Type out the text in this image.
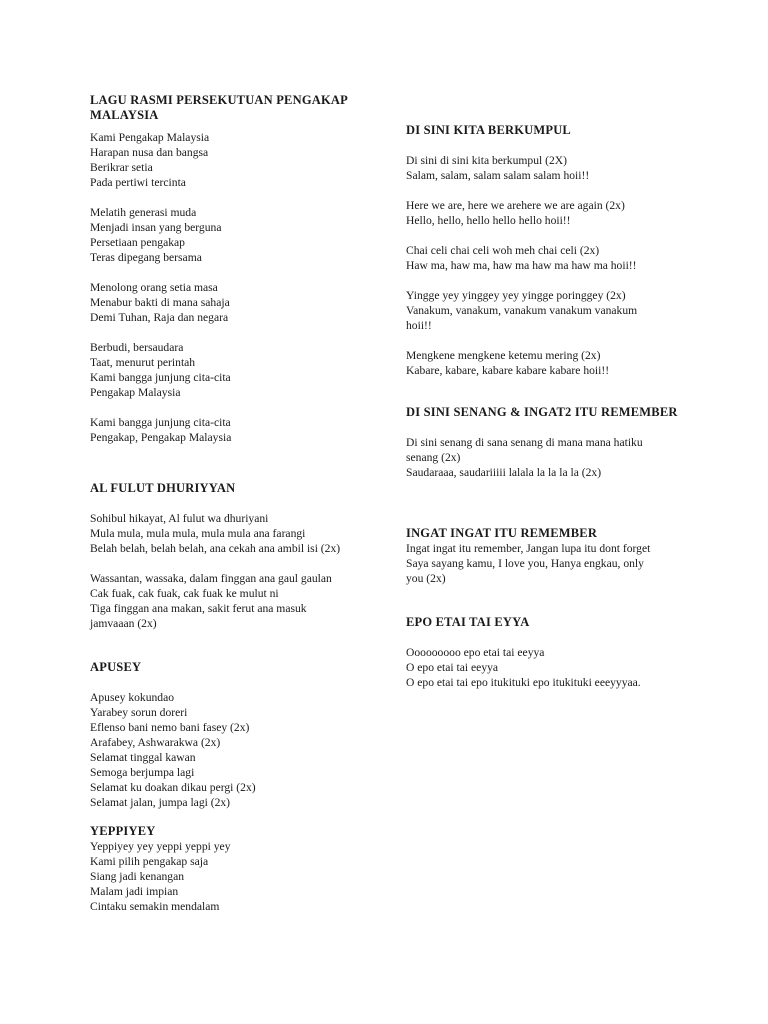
LAGU RASMI PERSEKUTUAN PENGAKAP MALAYSIA
Kami Pengakap Malaysia
Harapan nusa dan bangsa
Berikrar setia
Pada pertiwi tercinta
Melatih generasi muda
Menjadi insan yang berguna
Persetiaan pengakap
Teras dipegang bersama
Menolong orang setia masa
Menabur bakti di mana sahaja
Demi Tuhan, Raja dan negara
Berbudi, bersaudara
Taat, menurut perintah
Kami bangga junjung cita-cita
Pengakap Malaysia
Kami bangga junjung cita-cita
Pengakap, Pengakap Malaysia
AL FULUT DHURIYYAN
Sohibul hikayat, Al fulut wa dhuriyani
Mula mula, mula mula, mula mula ana farangi
Belah belah, belah belah, ana cekah ana ambil isi (2x)
Wassantan, wassaka, dalam finggan ana gaul gaulan
Cak fuak, cak fuak, cak fuak ke mulut ni
Tiga finggan ana makan, sakit ferut ana masuk
jamvaaan (2x)
APUSEY
Apusey kokundao
Yarabey sorun doreri
Eflenso bani nemo bani fasey (2x)
Arafabey, Ashwarakwa (2x)
Selamat tinggal kawan
Semoga berjumpa lagi
Selamat ku doakan dikau pergi (2x)
Selamat jalan, jumpa lagi (2x)
YEPPIYEY
Yeppiyey yey yeppi yeppi yey
Kami pilih pengakap saja
Siang jadi kenangan
Malam jadi impian
Cintaku semakin mendalam
DI SINI KITA BERKUMPUL
Di sini di sini kita berkumpul (2X)
Salam, salam, salam salam salam hoii!!
Here we are, here we arehere we are again (2x)
Hello, hello, hello hello hello hoii!!
Chai celi chai celi woh meh chai celi (2x)
Haw ma, haw ma, haw ma haw ma haw ma hoii!!
Yingge yey yinggey yey yingge poringgey (2x)
Vanakum, vanakum, vanakum vanakum vanakum
hoii!!
Mengkene mengkene ketemu mering (2x)
Kabare, kabare, kabare kabare kabare hoii!!
DI SINI SENANG & INGAT2 ITU REMEMBER
Di sini senang di sana senang di mana mana hatiku
senang (2x)
Saudaraaa, saudariiiii lalala la la la la (2x)
INGAT INGAT ITU REMEMBER
Ingat ingat itu remember, Jangan lupa itu dont forget
Saya sayang kamu, I love you, Hanya engkau, only
you (2x)
EPO ETAI TAI EYYA
Ooooooooo epo etai tai eeyya
O epo etai tai eeyya
O epo etai tai epo itukituki epo itukituki eeeyyyaa.
